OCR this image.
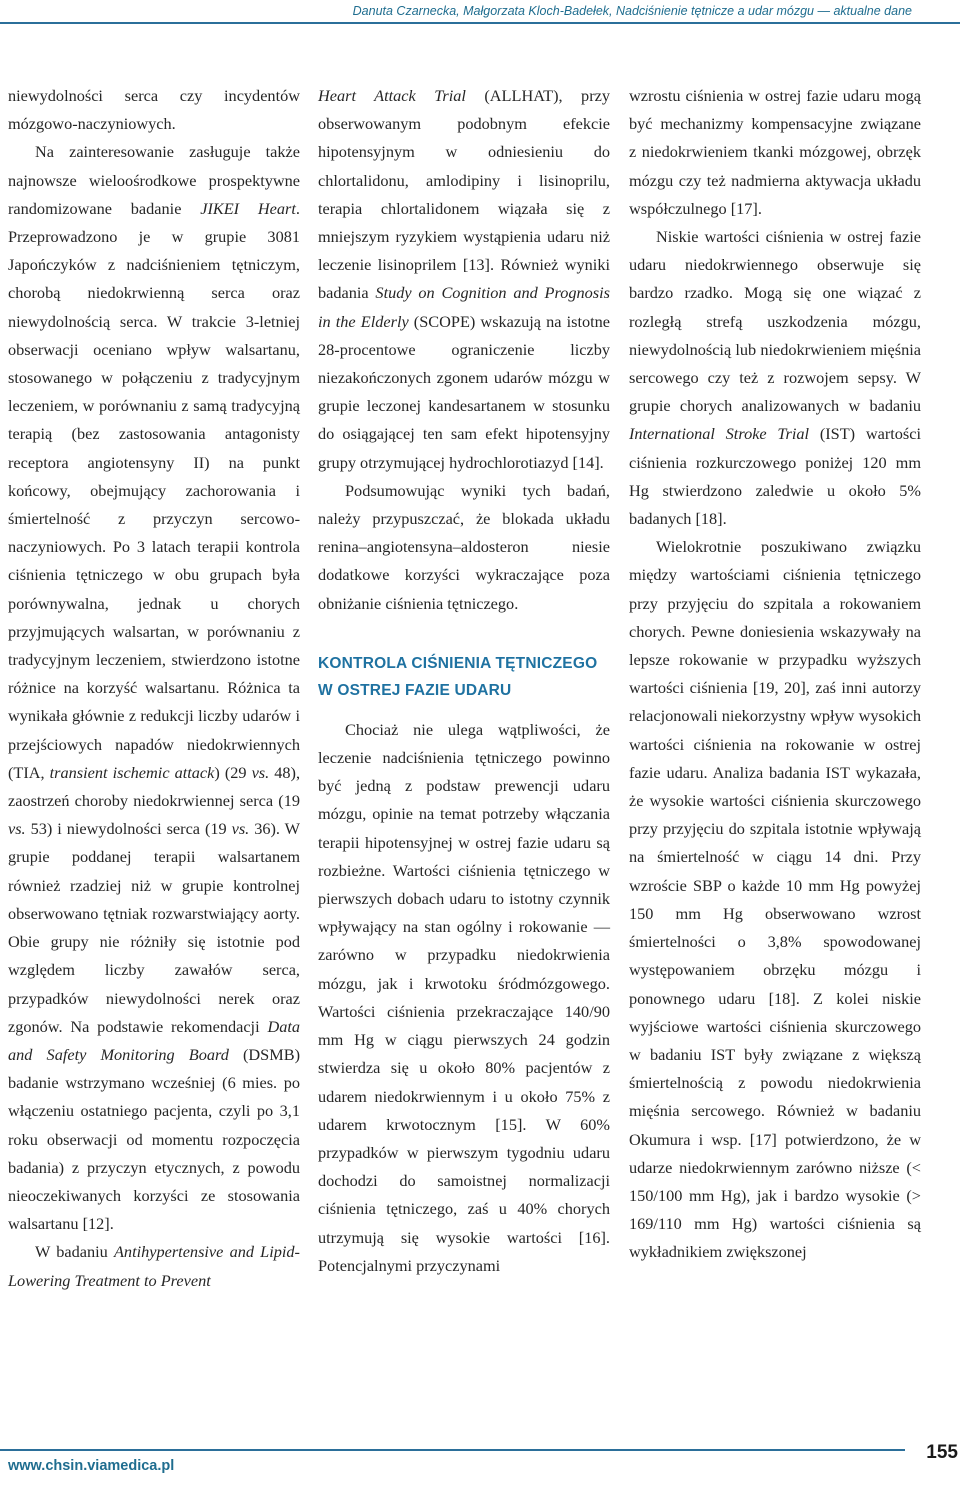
Danuta Czarnecka, Małgorzata Kloch-Badełek, Nadciśnienie tętnicze a udar mózgu — aktualne dane

niewydolności serca czy incydentów mózgowo-naczyniowych.

Na zainteresowanie zasługuje także najnowsze wieloośrodkowe prospektywne randomizowane badanie JIKEI Heart. Przeprowadzono je w grupie 3081 Japończyków z nadciśnieniem tętniczym, chorobą niedokrwienną serca oraz niewydolnością serca. W trakcie 3-letniej obserwacji oceniano wpływ walsartanu, stosowanego w połączeniu z tradycyjnym leczeniem, w porównaniu z samą tradycyjną terapią (bez zastosowania antagonisty receptora angiotensyny II) na punkt końcowy, obejmujący zachorowania i śmiertelność z przyczyn sercowo-naczyniowych. Po 3 latach terapii kontrola ciśnienia tętniczego w obu grupach była porównywalna, jednak u chorych przyjmujących walsartan, w porównaniu z tradycyjnym leczeniem, stwierdzono istotne różnice na korzyść walsartanu. Różnica ta wynikała głównie z redukcji liczby udarów i przejściowych napadów niedokrwiennych (TIA, transient ischemic attack) (29 vs. 48), zaostrzeń choroby niedokrwiennej serca (19 vs. 53) i niewydolności serca (19 vs. 36). W grupie poddanej terapii walsartanem również rzadziej niż w grupie kontrolnej obserwowano tętniak rozwarstwiający aorty. Obie grupy nie różniły się istotnie pod względem liczby zawałów serca, przypadków niewydolności nerek oraz zgonów. Na podstawie rekomendacji Data and Safety Monitoring Board (DSMB) badanie wstrzymano wcześniej (6 mies. po włączeniu ostatniego pacjenta, czyli po 3,1 roku obserwacji od momentu rozpoczęcia badania) z przyczyn etycznych, z powodu nieoczekiwanych korzyści ze stosowania walsartanu [12].

W badaniu Antihypertensive and Lipid-Lowering Treatment to Prevent

Heart Attack Trial (ALLHAT), przy obserwowanym podobnym efekcie hipotensyjnym w odniesieniu do chlortalidonu, amlodipiny i lisinoprilu, terapia chlortalidonem wiązała się z mniejszym ryzykiem wystąpienia udaru niż leczenie lisinoprilem [13]. Również wyniki badania Study on Cognition and Prognosis in the Elderly (SCOPE) wskazują na istotne 28-procentowe ograniczenie liczby niezakończonych zgonem udarów mózgu w grupie leczonej kandesartanem w stosunku do osiągającej ten sam efekt hipotensyjny grupy otrzymującej hydrochlorotiazyd [14].

Podsumowując wyniki tych badań, należy przypuszczać, że blokada układu renina–angiotensyna–aldosteron niesie dodatkowe korzyści wykraczające poza obniżanie ciśnienia tętniczego.

KONTROLA CIŚNIENIA TĘTNICZEGO W OSTREJ FAZIE UDARU

Chociaż nie ulega wątpliwości, że leczenie nadciśnienia tętniczego powinno być jedną z podstaw prewencji udaru mózgu, opinie na temat potrzeby włączania terapii hipotensyjnej w ostrej fazie udaru są rozbieżne. Wartości ciśnienia tętniczego w pierwszych dobach udaru to istotny czynnik wpływający na stan ogólny i rokowanie — zarówno w przypadku niedokrwienia mózgu, jak i krwotoku śródmózgowego. Wartości ciśnienia przekraczające 140/90 mm Hg w ciągu pierwszych 24 godzin stwierdza się u około 80% pacjentów z udarem niedokrwiennym i u około 75% z udarem krwotocznym [15]. W 60% przypadków w pierwszym tygodniu udaru dochodzi do samoistnej normalizacji ciśnienia tętniczego, zaś u 40% chorych utrzymują się wysokie wartości [16]. Potencjalnymi przyczynami

wzrostu ciśnienia w ostrej fazie udaru mogą być mechanizmy kompensacyjne związane z niedokrwieniem tkanki mózgowej, obrzęk mózgu czy też nadmierna aktywacja układu współczulnego [17].

Niskie wartości ciśnienia w ostrej fazie udaru niedokrwiennego obserwuje się bardzo rzadko. Mogą się one wiązać z rozległą strefą uszkodzenia mózgu, niewydolnością lub niedokrwieniem mięśnia sercowego czy też z rozwojem sepsy. W grupie chorych analizowanych w badaniu International Stroke Trial (IST) wartości ciśnienia rozkurczowego poniżej 120 mm Hg stwierdzono zaledwie u około 5% badanych [18].

Wielokrotnie poszukiwano związku między wartościami ciśnienia tętniczego przy przyjęciu do szpitala a rokowaniem chorych. Pewne doniesienia wskazywały na lepsze rokowanie w przypadku wyższych wartości ciśnienia [19, 20], zaś inni autorzy relacjonowali niekorzystny wpływ wysokich wartości ciśnienia na rokowanie w ostrej fazie udaru. Analiza badania IST wykazała, że wysokie wartości ciśnienia skurczowego przy przyjęciu do szpitala istotnie wpływają na śmiertelność w ciągu 14 dni. Przy wzroście SBP o każde 10 mm Hg powyżej 150 mm Hg obserwowano wzrost śmiertelności o 3,8% spowodowanej występowaniem obrzęku mózgu i ponownego udaru [18]. Z kolei niskie wyjściowe wartości ciśnienia skurczowego w badaniu IST były związane z większą śmiertelnością z powodu niedokrwienia mięśnia sercowego. Również w badaniu Okumura i wsp. [17] potwierdzono, że w udarze niedokrwiennym zarówno niższe (< 150/100 mm Hg), jak i bardzo wysokie (> 169/110 mm Hg) wartości ciśnienia są wykładnikiem zwiększonej

www.chsin.viamedica.pl
155
